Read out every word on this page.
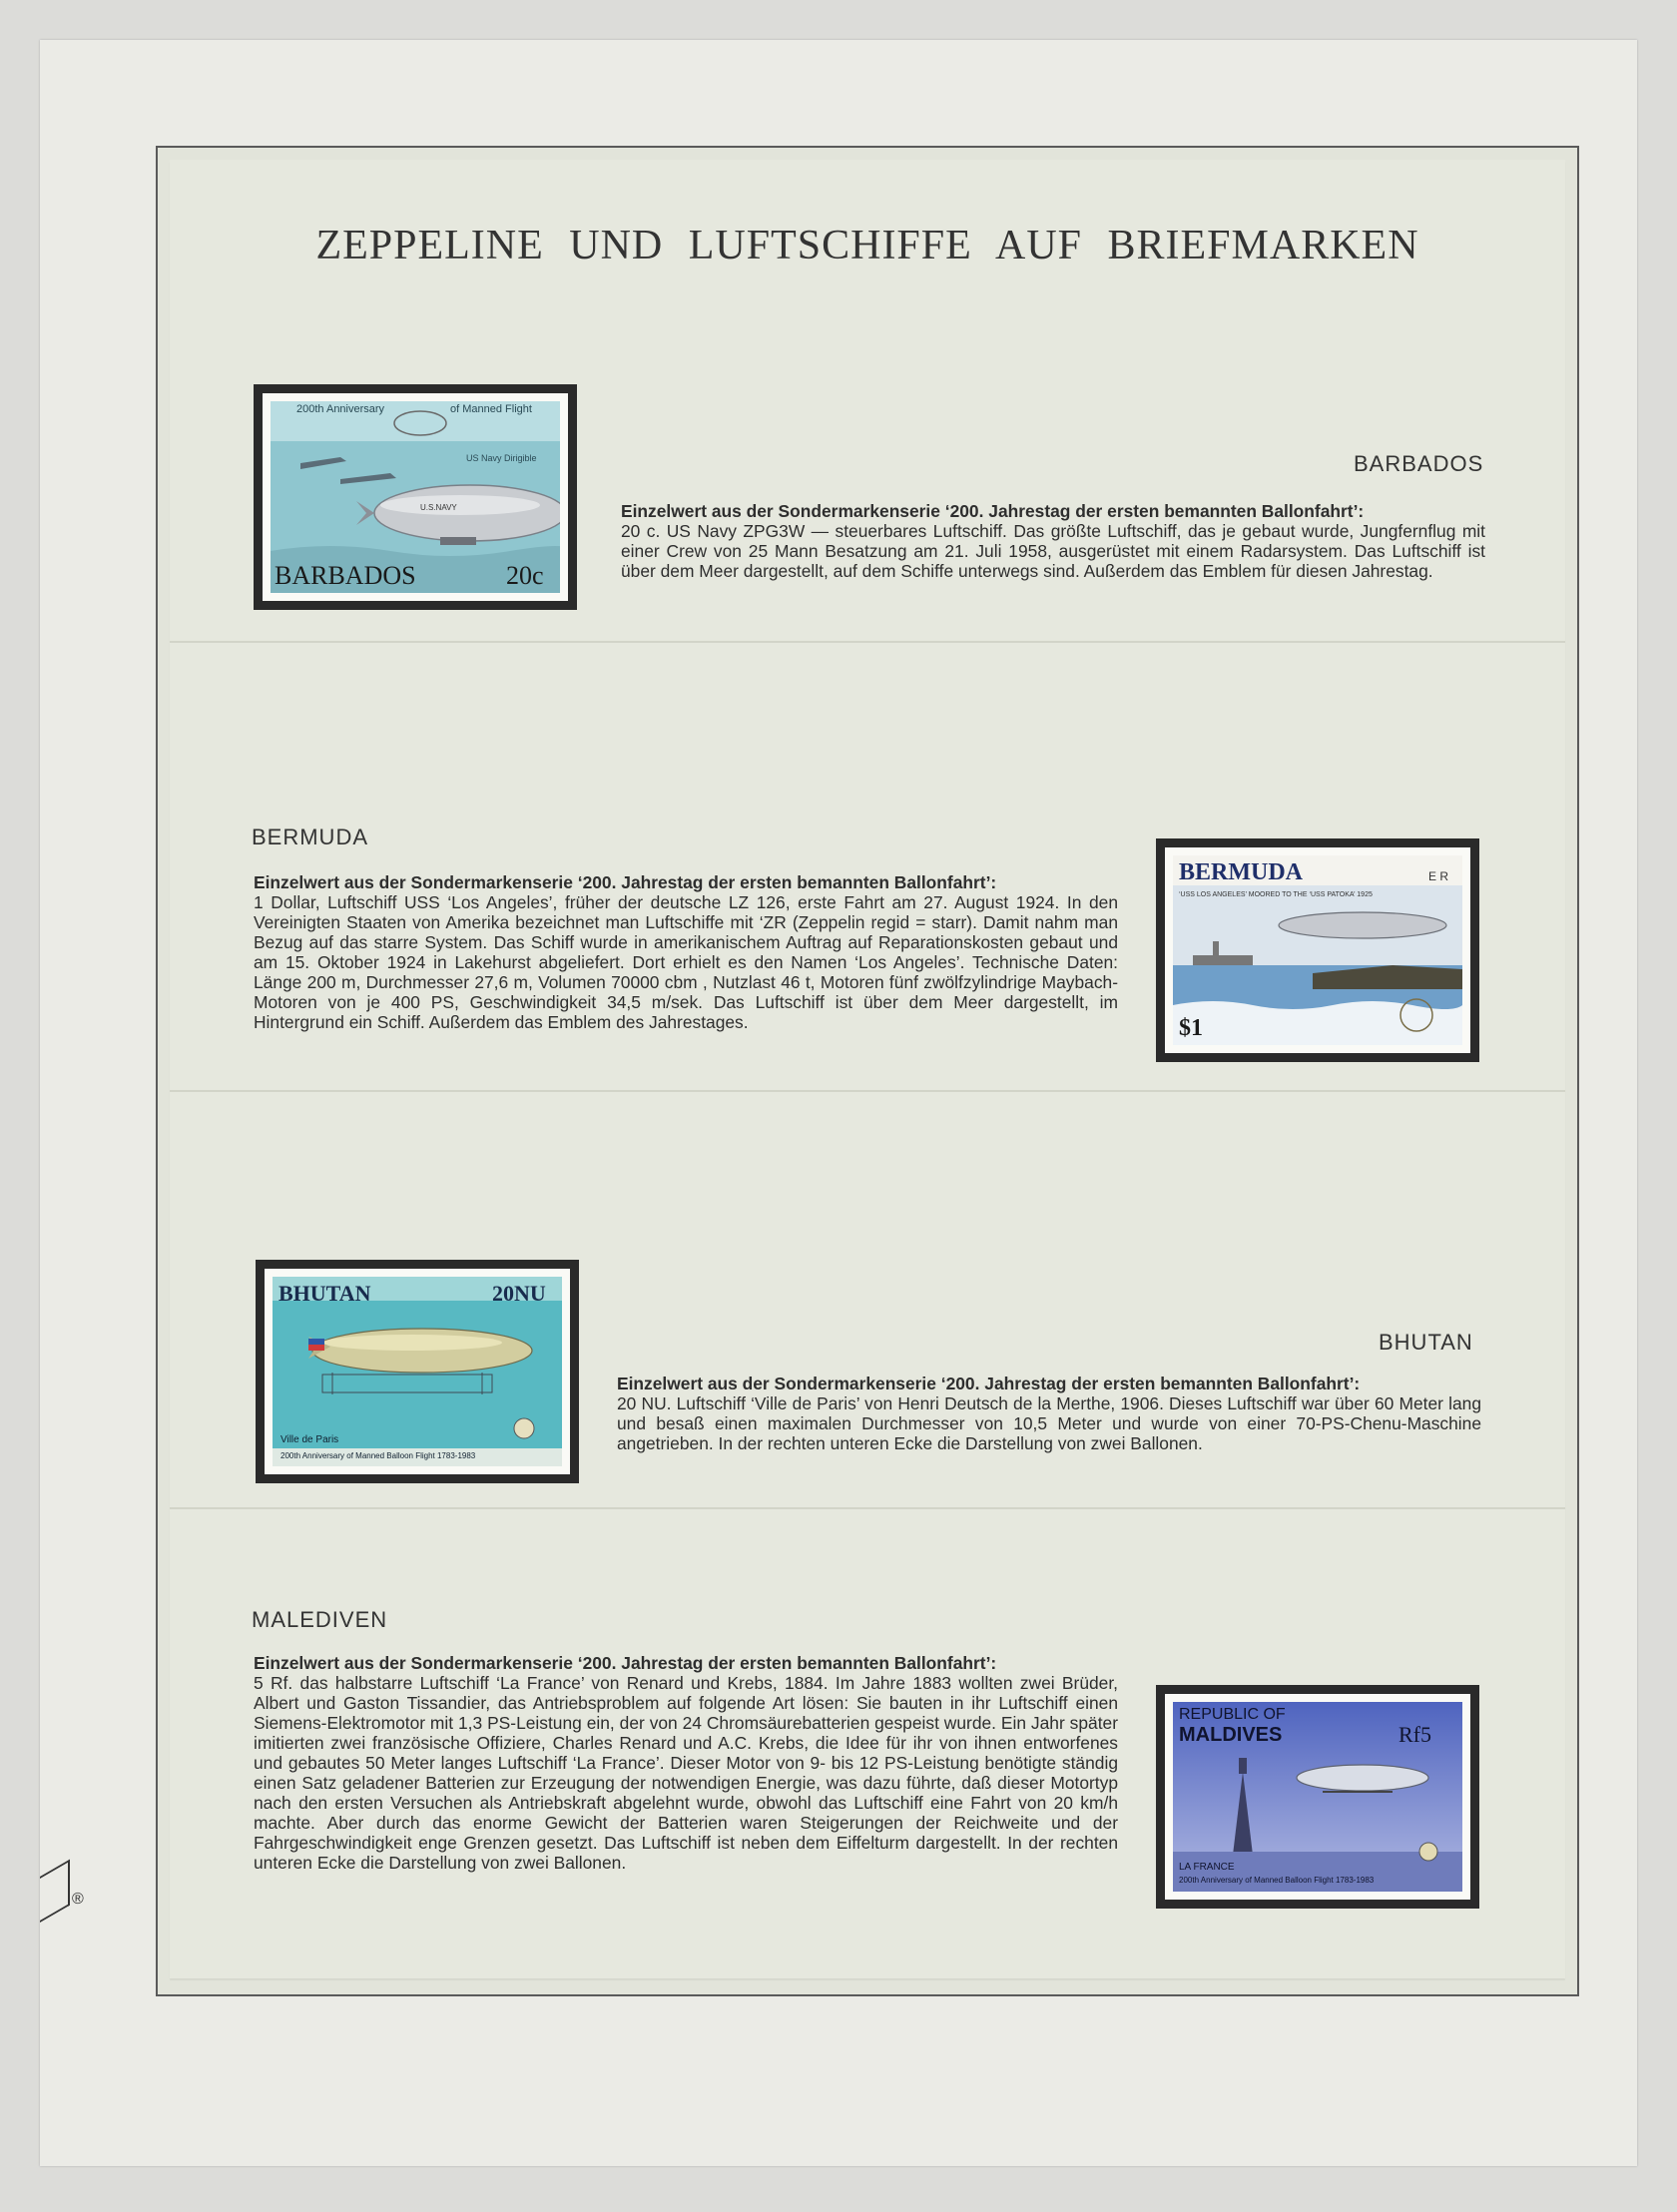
ZEPPELINE UND LUFTSCHIFFE AUF BRIEFMARKEN
200th Anniversary	of Manned Flight
US Navy Dirigible
U.S.NAVY
BARBADOS	20c
BARBADOS

Einzelwert aus der Sondermarkenserie ‘200. Jahrestag der ersten bemannten Ballonfahrt’:
20 c. US Navy ZPG3W — steuerbares Luftschiff. Das größte Luftschiff, das je gebaut wurde, Jungfernflug mit einer Crew von 25 Mann Besatzung am 21. Juli 1958, ausgerüstet mit einem Radarsystem. Das Luftschiff ist über dem Meer dargestellt, auf dem Schiffe unterwegs sind. Außerdem das Emblem für diesen Jahrestag.

BERMUDA

Einzelwert aus der Sondermarkenserie ‘200. Jahrestag der ersten bemannten Ballonfahrt’:
1 Dollar, Luftschiff USS ‘Los Angeles’, früher der deutsche LZ 126, erste Fahrt am 27. August 1924. In den Vereinigten Staaten von Amerika bezeichnet man Luftschiffe mit ‘ZR (Zeppelin regid = starr). Damit nahm man Bezug auf das starre System. Das Schiff wurde in amerikanischem Auftrag auf Reparationskosten gebaut und am 15. Oktober 1924 in Lakehurst abgeliefert. Dort erhielt es den Namen ‘Los Angeles’. Technische Daten: Länge 200 m, Durchmesser 27,6 m, Volumen 70000 cbm , Nutzlast 46 t, Motoren fünf zwölfzylindrige Maybach-Motoren von je 400 PS, Geschwindigkeit 34,5 m/sek. Das Luftschiff ist über dem Meer dargestellt, im Hintergrund ein Schiff. Außerdem das Emblem des Jahrestages.

BERMUDA	E R
‘USS LOS ANGELES’ MOORED TO THE ‘USS PATOKA’ 1925
$1
BHUTAN	20NU
Ville de Paris
200th Anniversary of Manned Balloon Flight 1783-1983
BHUTAN

Einzelwert aus der Sondermarkenserie ‘200. Jahrestag der ersten bemannten Ballonfahrt’:
20 NU. Luftschiff ‘Ville de Paris’ von Henri Deutsch de la Merthe, 1906. Dieses Luftschiff war über 60 Meter lang und besaß einen maximalen Durchmesser von 10,5 Meter und wurde von einer 70-PS-Chenu-Maschine angetrieben. In der rechten unteren Ecke die Darstellung von zwei Ballonen.

MALEDIVEN

Einzelwert aus der Sondermarkenserie ‘200. Jahrestag der ersten bemannten Ballonfahrt’:
5 Rf. das halbstarre Luftschiff ‘La France’ von Renard und Krebs, 1884. Im Jahre 1883 wollten zwei Brüder, Albert und Gaston Tissandier, das Antriebsproblem auf folgende Art lösen: Sie bauten in ihr Luftschiff einen Siemens-Elektromotor mit 1,3 PS-Leistung ein, der von 24 Chromsäurebatterien gespeist wurde. Ein Jahr später imitierten zwei französische Offiziere, Charles Renard und A.C. Krebs, die Idee für ihr von ihnen entworfenes und gebautes 50 Meter langes Luftschiff ‘La France’. Dieser Motor von 9- bis 12 PS-Leistung benötigte ständig einen Satz geladener Batterien zur Erzeugung der notwendigen Energie, was dazu führte, daß dieser Motortyp nach den ersten Versuchen als Antriebskraft abgelehnt wurde, obwohl das Luftschiff eine Fahrt von 20 km/h machte. Aber durch das enorme Gewicht der Batterien waren Steigerungen der Reichweite und der Fahrgeschwindigkeit enge Grenzen gesetzt. Das Luftschiff ist neben dem Eiffelturm dargestellt. In der rechten unteren Ecke die Darstellung von zwei Ballonen.

REPUBLIC OF
MALDIVES	Rf5
LA FRANCE
200th Anniversary of Manned Balloon Flight 1783-1983
®
